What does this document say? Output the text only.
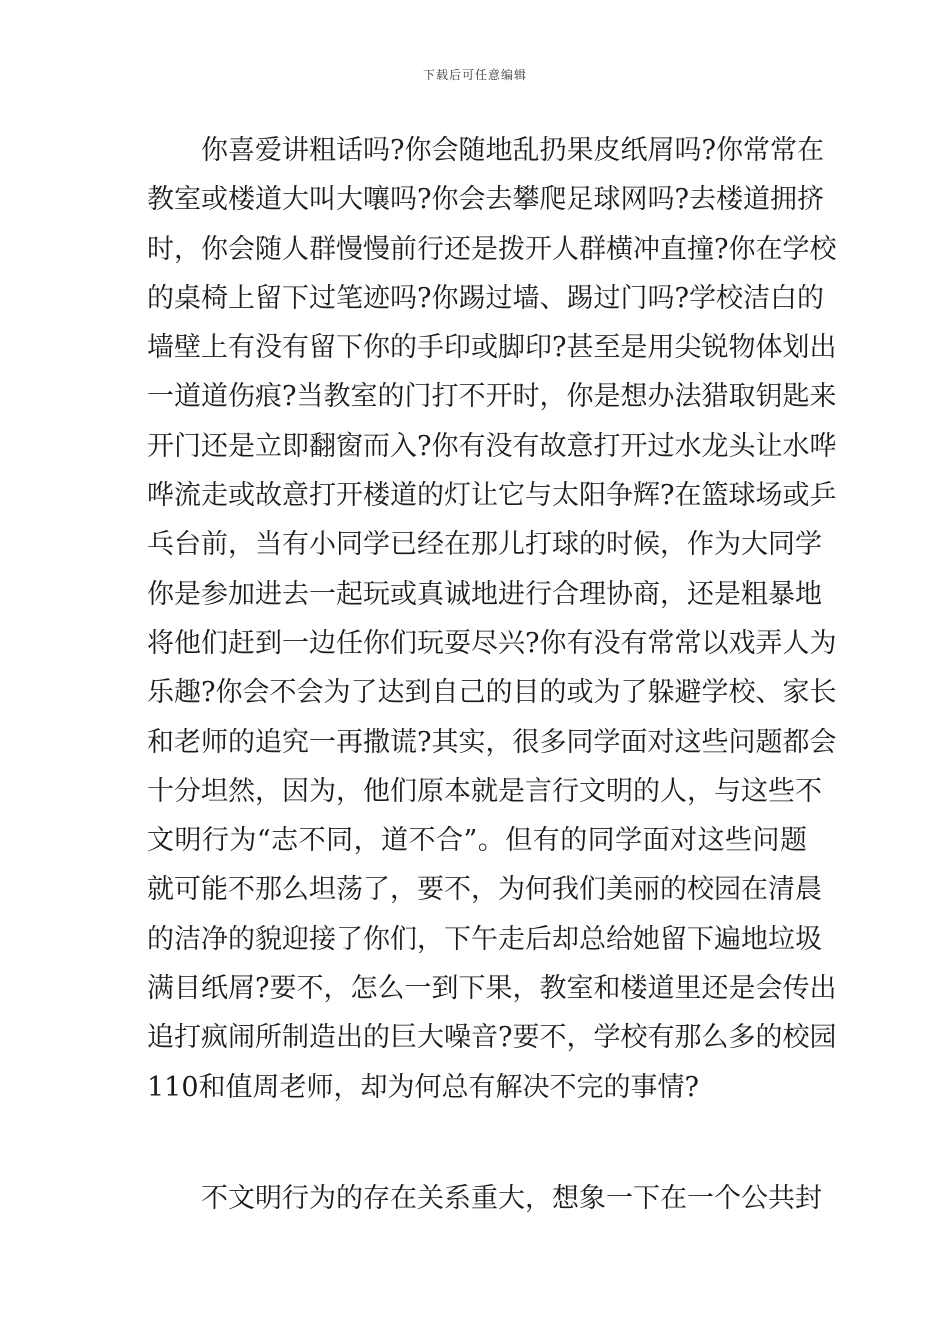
下载后可任意编辑
你喜爱讲粗话吗?你会随地乱扔果皮纸屑吗?你常常在
教室或楼道大叫大嚷吗?你会去攀爬足球网吗?去楼道拥挤
时，你会随人群慢慢前行还是拨开人群横冲直撞?你在学校
的桌椅上留下过笔迹吗?你踢过墙、踢过门吗?学校洁白的
墙壁上有没有留下你的手印或脚印?甚至是用尖锐物体划出
一道道伤痕?当教室的门打不开时，你是想办法猎取钥匙来
开门还是立即翻窗而入?你有没有故意打开过水龙头让水哗
哗流走或故意打开楼道的灯让它与太阳争辉?在篮球场或乒
乓台前，当有小同学已经在那儿打球的时候，作为大同学
你是参加进去一起玩或真诚地进行合理协商，还是粗暴地
将他们赶到一边任你们玩耍尽兴?你有没有常常以戏弄人为
乐趣?你会不会为了达到自己的目的或为了躲避学校、家长
和老师的追究一再撒谎?其实，很多同学面对这些问题都会
十分坦然，因为，他们原本就是言行文明的人，与这些不
文明行为“志不同，道不合”。但有的同学面对这些问题
就可能不那么坦荡了，要不，为何我们美丽的校园在清晨
的洁净的貌迎接了你们，下午走后却总给她留下遍地垃圾
满目纸屑?要不，怎么一到下果，教室和楼道里还是会传出
追打疯闹所制造出的巨大噪音?要不，学校有那么多的校园
110和值周老师，却为何总有解决不完的事情?
不文明行为的存在关系重大，想象一下在一个公共封
